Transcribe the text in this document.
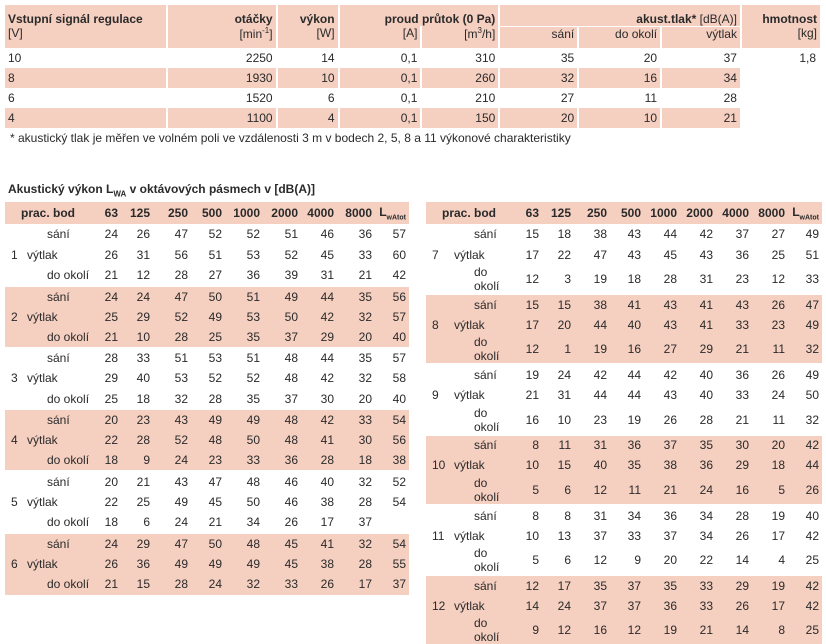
Vstupní signál regulace	otáčky	výkon	proud průtok (0 Pa)		akust.tlak* [dB(A)]			hmotnost
[V]	$[\min^{-1}]$	[W]	[A]	$[m^3/h]$	sání	do okolí	výtlak	[kg]
10	2250	14	0,1	310	35	20	37	1,8
8	1930	10	0,1	260	32	16	34	
6	1520	6	0,1	210	27	11	28	
4	1100	4	0,1	150	20	10	21	
* akustický tlak je měřen ve volném poli ve vzdálenosti 3 m v bodech 2, 5, 8 a 11 výkonové charakteristiky
Akustický výkon $L_{WA}$ v oktávových pásmech v [dB(A)]
prac. bod		63	125	250	500	1000	2000	4000	8000	$L_{wAtot}$
	sání	24	26	47	52	52	51	46	36	57
1	výtlak	26	31	56	51	53	52	45	33	60
	do okolí	21	12	28	27	36	39	31	21	42
	sání	24	24	47	50	51	49	44	35	56
2	výtlak	25	29	52	49	53	50	42	32	57
	do okolí	21	10	28	25	35	37	29	20	40
	sání	28	33	51	53	51	48	44	35	57
3	výtlak	29	40	53	52	52	48	42	32	58
	do okolí	25	18	32	28	35	37	30	20	40
	sání	20	23	43	49	49	48	42	33	54
4	výtlak	22	28	52	48	50	48	41	30	56
	do okolí	18	9	24	23	33	36	28	18	38
	sání	20	21	43	47	48	46	40	32	52
5	výtlak	22	25	49	45	50	46	38	28	54
	do okolí	18	6	24	21	34	26	17	37	
	sání	24	29	47	50	48	45	41	32	54
6	výtlak	26	36	49	49	49	45	38	28	55
	do okolí	21	15	28	24	32	33	26	17	37
prac. bod		63	125	250	500	1000	2000	4000	8000	$L_{wAtot}$
	sání	15	18	38	43	44	42	37	27	49
7	výtlak	17	22	47	43	45	43	36	25	51
	do okolí	12	3	19	18	28	31	23	12	33
	sání	15	15	38	41	43	41	43	26	47
8	výtlak	17	20	44	40	43	41	33	23	49
	do okolí	12	1	19	16	27	29	21	11	32
	sání	19	24	42	44	42	40	36	26	49
9	výtlak	21	31	44	44	43	40	33	24	50
	do okolí	16	10	23	19	26	28	21	11	32
	sání	8	11	31	36	37	35	30	20	42
10	výtlak	10	15	40	35	38	36	29	18	44
	do okolí	5	6	12	11	21	24	16	5	26
	sání	8	8	31	34	36	34	28	19	40
11	výtlak	10	13	37	33	37	34	26	17	42
	do okolí	5	6	12	9	20	22	14	4	25
	sání	12	17	35	37	35	33	29	19	42
12	výtlak	14	24	37	37	36	33	26	17	42
	do okolí	9	12	16	12	19	21	14	8	25
